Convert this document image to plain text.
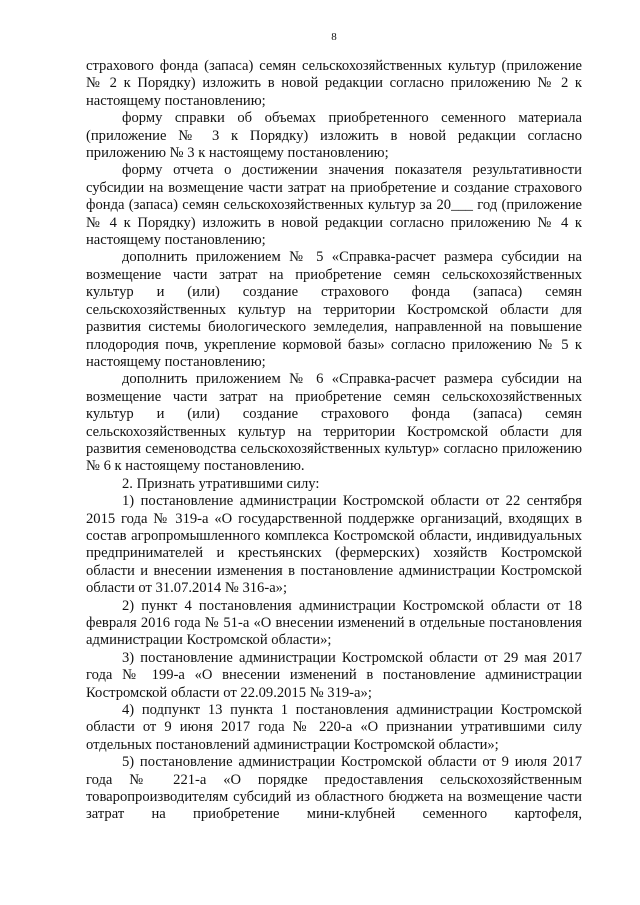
8

страхового фонда (запаса) семян сельскохозяйственных культур (приложение № 2 к Порядку) изложить в новой редакции согласно приложению № 2 к настоящему постановлению;

форму справки об объемах приобретенного семенного материала (приложение № 3 к Порядку) изложить в новой редакции согласно приложению № 3 к настоящему постановлению;

форму отчета о достижении значения показателя результативности субсидии на возмещение части затрат на приобретение и создание страхового фонда (запаса) семян сельскохозяйственных культур за 20___ год (приложение № 4 к Порядку) изложить в новой редакции согласно приложению № 4 к настоящему постановлению;

дополнить приложением № 5 «Справка-расчет размера субсидии на возмещение части затрат на приобретение семян сельскохозяйственных культур и (или) создание страхового фонда (запаса) семян сельскохозяйственных культур на территории Костромской области для развития системы биологического земледелия, направленной на повышение плодородия почв, укрепление кормовой базы» согласно приложению № 5 к настоящему постановлению;

дополнить приложением № 6 «Справка-расчет размера субсидии на возмещение части затрат на приобретение семян сельскохозяйственных культур и (или) создание страхового фонда (запаса) семян сельскохозяйственных культур на территории Костромской области для развития семеноводства сельскохозяйственных культур» согласно приложению № 6 к настоящему постановлению.

2. Признать утратившими силу:

1) постановление администрации Костромской области от 22 сентября 2015 года № 319-а «О государственной поддержке организаций, входящих в состав агропромышленного комплекса Костромской области, индивидуальных предпринимателей и крестьянских (фермерских) хозяйств Костромской области и внесении изменения в постановление администрации Костромской области от 31.07.2014 № 316-а»;

2) пункт 4 постановления администрации Костромской области от 18 февраля 2016 года № 51-а «О внесении изменений в отдельные постановления администрации Костромской области»;

3) постановление администрации Костромской области от 29 мая 2017 года № 199-а «О внесении изменений в постановление администрации Костромской области от 22.09.2015 № 319-а»;

4) подпункт 13 пункта 1 постановления администрации Костромской области от 9 июня 2017 года № 220-а «О признании утратившими силу отдельных постановлений администрации Костромской области»;

5) постановление администрации Костромской области от 9 июля 2017 года № 221-а «О порядке предоставления сельскохозяйственным товаропроизводителям субсидий из областного бюджета на возмещение части затрат на приобретение мини-клубней семенного картофеля,
